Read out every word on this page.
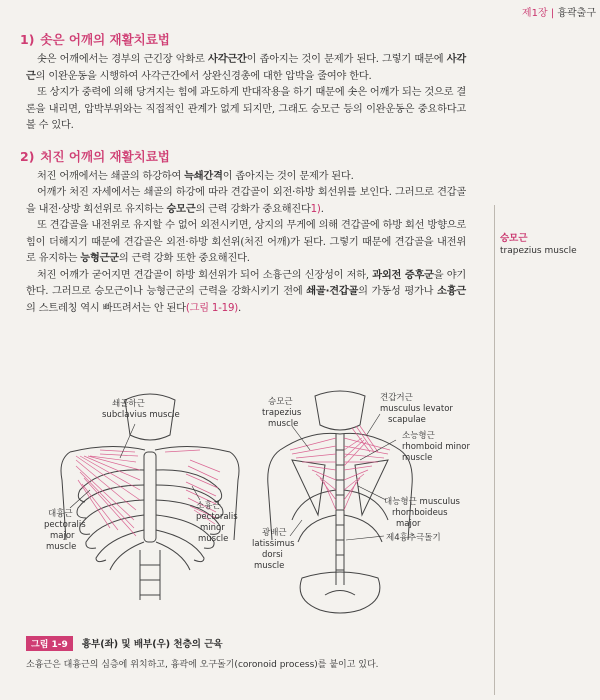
제1장 | 흉곽출구
1) 솟은 어깨의 재활치료법

솟은 어깨에서는 경부의 근긴장 악화로 사각근간이 좁아지는 것이 문제가 된다. 그렇기 때문에 사각근의 이완운동을 시행하여 사각근간에서 상완신경총에 대한 압박을 줄여야 한다.

또 상지가 중력에 의해 당겨지는 힘에 과도하게 반대작용을 하기 때문에 솟은 어깨가 되는 것으로 결론을 내리면, 압박부위와는 직접적인 관계가 없게 되지만, 그래도 승모근 등의 이완운동은 중요하다고 볼 수 있다.

2) 처진 어깨의 재활치료법

처진 어깨에서는 쇄골의 하강하여 늑쇄간격이 좁아지는 것이 문제가 된다.

어깨가 처진 자세에서는 쇄골의 하강에 따라 견갑골이 외전·하방 회선위를 보인다. 그러므로 견갑골을 내전·상방 회선위로 유지하는 승모근의 근력 강화가 중요해진다1).

또 견갑골을 내전위로 유지할 수 없어 외전시키면, 상지의 무게에 의해 견갑골에 하방 회선 방향으로 힘이 더해지기 때문에 견갑골은 외전·하방 회선위(처진 어깨)가 된다. 그렇기 때문에 견갑골을 내전위로 유지하는 능형근군의 근력 강화 또한 중요해진다.

처진 어깨가 굳어지면 견갑골이 하방 회선위가 되어 소흉근의 신장성이 저하, 과외전 증후군을 야기한다. 그러므로 승모근이나 능형근군의 근력을 강화시키기 전에 쇄골·견갑골의 가동성 평가나 소흉근의 스트레칭 역시 빠뜨려서는 안 된다(그림 1-19).

승모근
trapezius muscle
쇄골하근
subclavius muscle
대흉근
pectoralis
major
muscle
소흉근
pectoralis
minor
muscle
승모근
trapezius
muscle
견갑거근
musculus levator
scapulae
소능형근
rhomboid minor
muscle
광배근
latissimus
dorsi
muscle
대능형근 musculus
rhomboideus
major
제4흉추극돌기
그림 1-9 흉부(좌) 및 배부(우) 천층의 근육
소흉근은 대흉근의 심층에 위치하고, 흉곽에 오구돌기(coronoid process)를 붙이고 있다.
